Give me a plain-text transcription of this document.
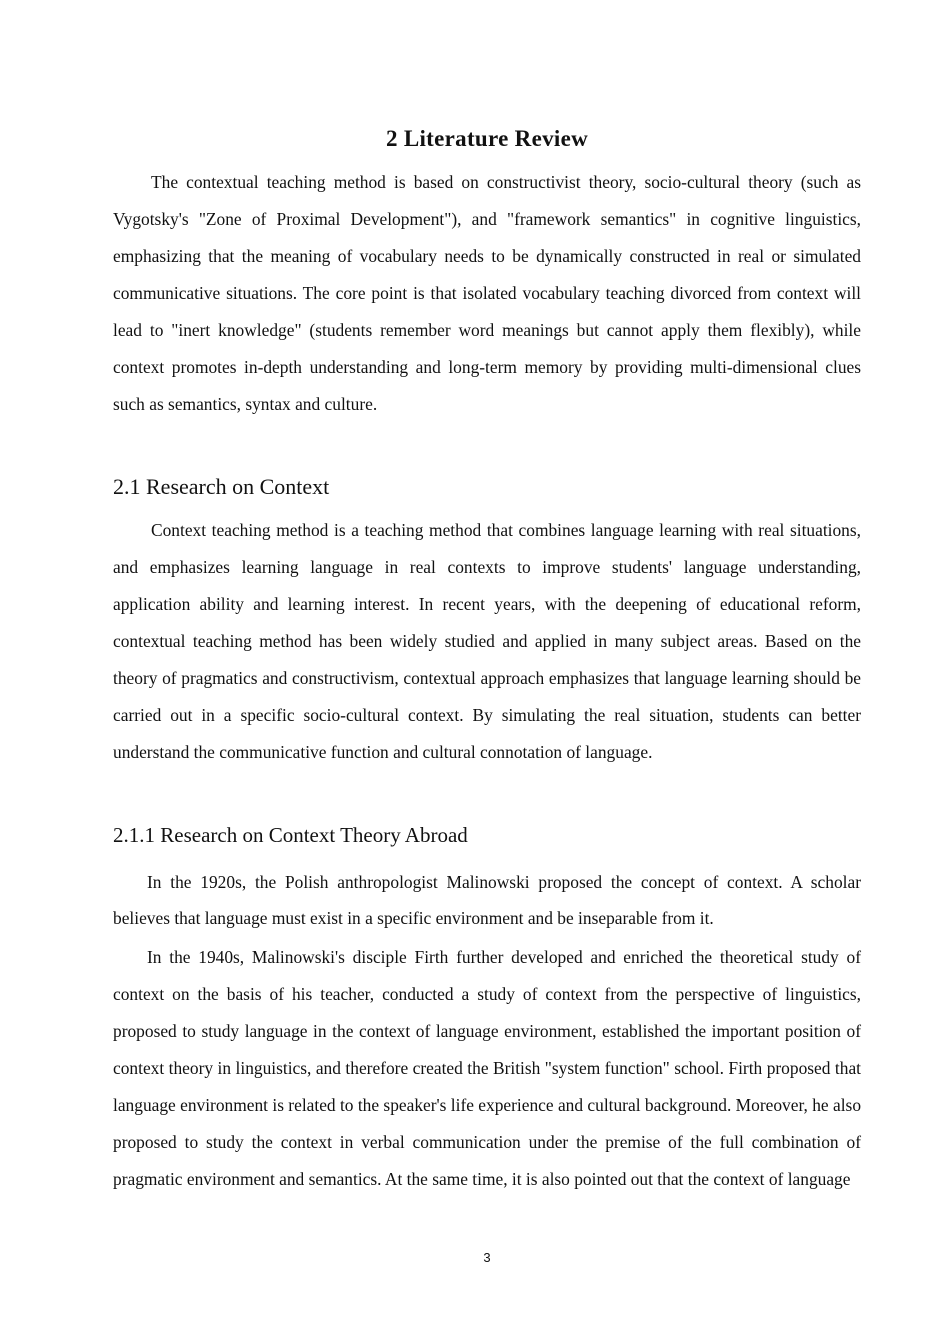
2 Literature Review

The contextual teaching method is based on constructivist theory, socio-cultural theory (such as Vygotsky's "Zone of Proximal Development"), and "framework semantics" in cognitive linguistics, emphasizing that the meaning of vocabulary needs to be dynamically constructed in real or simulated communicative situations. The core point is that isolated vocabulary teaching divorced from context will lead to "inert knowledge" (students remember word meanings but cannot apply them flexibly), while context promotes in-depth understanding and long-term memory by providing multi-dimensional clues such as semantics, syntax and culture.

2.1 Research on Context

Context teaching method is a teaching method that combines language learning with real situations, and emphasizes learning language in real contexts to improve students' language understanding, application ability and learning interest. In recent years, with the deepening of educational reform, contextual teaching method has been widely studied and applied in many subject areas. Based on the theory of pragmatics and constructivism, contextual approach emphasizes that language learning should be carried out in a specific socio-cultural context. By simulating the real situation, students can better understand the communicative function and cultural connotation of language.

2.1.1 Research on Context Theory Abroad

In the 1920s, the Polish anthropologist Malinowski proposed the concept of context. A scholar believes that language must exist in a specific environment and be inseparable from it.

In the 1940s, Malinowski's disciple Firth further developed and enriched the theoretical study of context on the basis of his teacher, conducted a study of context from the perspective of linguistics, proposed to study language in the context of language environment, established the important position of context theory in linguistics, and therefore created the British "system function" school. Firth proposed that language environment is related to the speaker's life experience and cultural background. Moreover, he also proposed to study the context in verbal communication under the premise of the full combination of pragmatic environment and semantics. At the same time, it is also pointed out that the context of language

3
